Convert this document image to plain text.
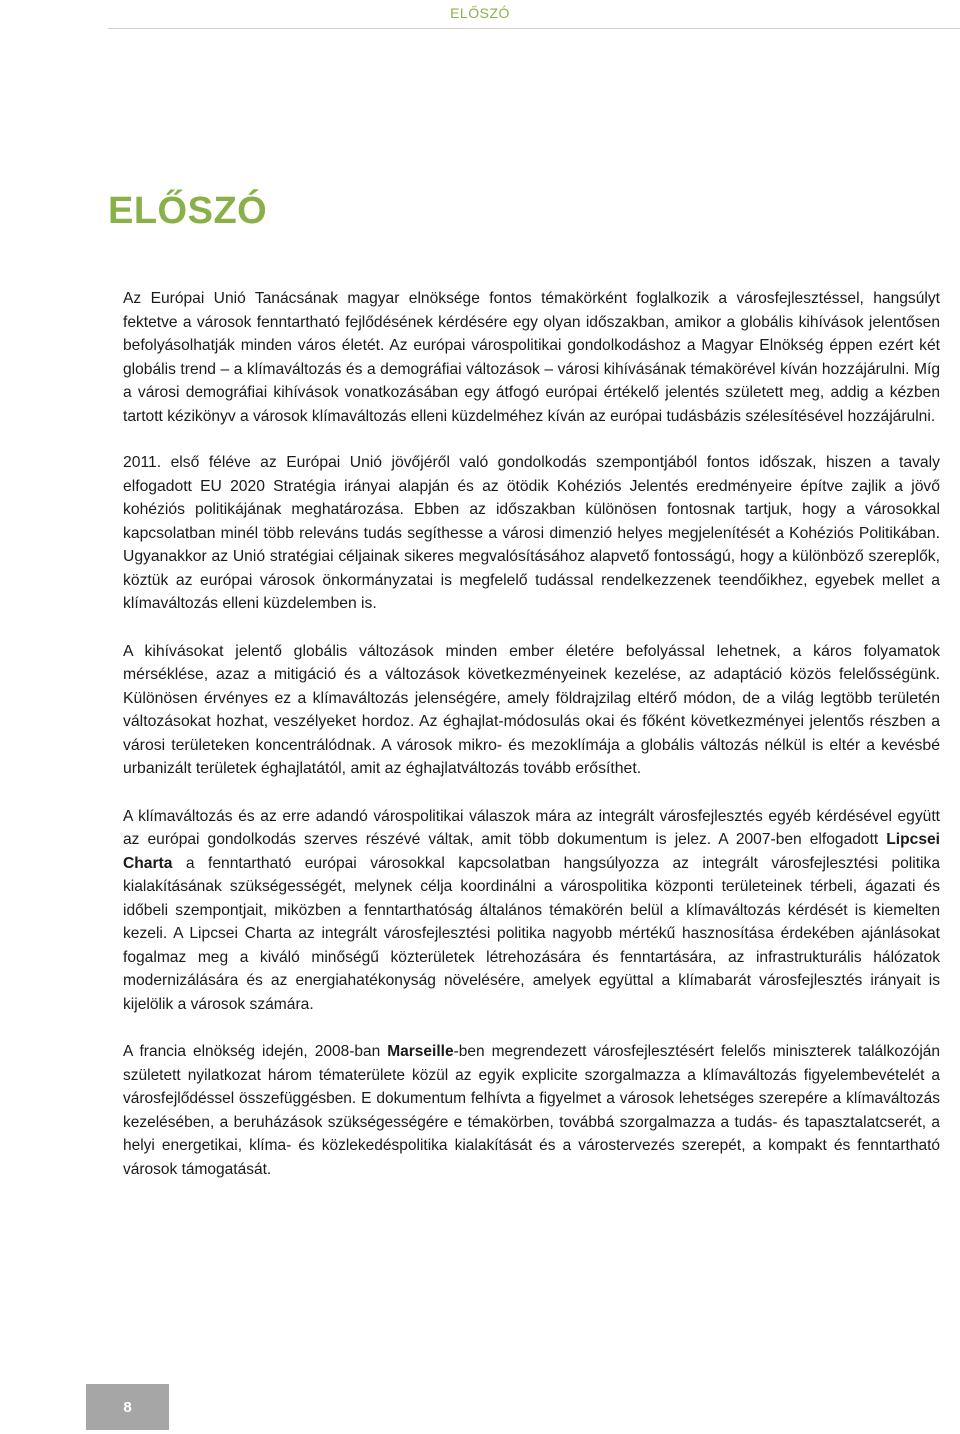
ELŐSZÓ
ELŐSZÓ

Az Európai Unió Tanácsának magyar elnöksége fontos témakörként foglalkozik a városfejlesztéssel, hangsúlyt fektetve a városok fenntartható fejlődésének kérdésére egy olyan időszakban, amikor a globális kihívások jelentősen befolyásolhatják minden város életét. Az európai várospolitikai gondolkodáshoz a Magyar Elnökség éppen ezért két globális trend – a klímaváltozás és a demográfiai változások – városi kihívásának témakörével kíván hozzájárulni. Míg a városi demográfiai kihívások vonatkozásában egy átfogó európai értékelő jelentés született meg, addig a kézben tartott kézikönyv a városok klímaváltozás elleni küzdelméhez kíván az európai tudásbázis szélesítésével hozzájárulni.

2011. első féléve az Európai Unió jövőjéről való gondolkodás szempontjából fontos időszak, hiszen a tavaly elfogadott EU 2020 Stratégia irányai alapján és az ötödik Kohéziós Jelentés eredményeire építve zajlik a jövő kohéziós politikájának meghatározása. Ebben az időszakban különösen fontosnak tartjuk, hogy a városokkal kapcsolatban minél több releváns tudás segíthesse a városi dimenzió helyes megjelenítését a Kohéziós Politikában. Ugyanakkor az Unió stratégiai céljainak sikeres megvalósításához alapvető fontosságú, hogy a különböző szereplők, köztük az európai városok önkormányzatai is megfelelő tudással rendelkezzenek teendőikhez, egyebek mellet a klímaváltozás elleni küzdelemben is.

A kihívásokat jelentő globális változások minden ember életére befolyással lehetnek, a káros folyamatok mérséklése, azaz a mitigáció és a változások következményeinek kezelése, az adaptáció közös felelősségünk. Különösen érvényes ez a klímaváltozás jelenségére, amely földrajzilag eltérő módon, de a világ legtöbb területén változásokat hozhat, veszélyeket hordoz. Az éghajlat-módosulás okai és főként következményei jelentős részben a városi területeken koncentrálódnak. A városok mikro- és mezoklímája a globális változás nélkül is eltér a kevésbé urbanizált területek éghajlatától, amit az éghajlatváltozás tovább erősíthet.

A klímaváltozás és az erre adandó várospolitikai válaszok mára az integrált városfejlesztés egyéb kérdésével együtt az európai gondolkodás szerves részévé váltak, amit több dokumentum is jelez. A 2007-ben elfogadott Lipcsei Charta a fenntartható európai városokkal kapcsolatban hangsúlyozza az integrált városfejlesztési politika kialakításának szükségességét, melynek célja koordinálni a várospolitika központi területeinek térbeli, ágazati és időbeli szempontjait, miközben a fenntarthatóság általános témakörén belül a klímaváltozás kérdését is kiemelten kezeli. A Lipcsei Charta az integrált városfejlesztési politika nagyobb mértékű hasznosítása érdekében ajánlásokat fogalmaz meg a kiváló minőségű közterületek létrehozására és fenntartására, az infrastrukturális hálózatok modernizálására és az energiahatékonyság növelésére, amelyek együttal a klímabarát városfejlesztés irányait is kijelölik a városok számára.

A francia elnökség idején, 2008-ban Marseille-ben megrendezett városfejlesztésért felelős miniszterek találkozóján született nyilatkozat három tématerülete közül az egyik explicite szorgalmazza a klímaváltozás figyelembevételét a városfejlődéssel összefüggésben. E dokumentum felhívta a figyelmet a városok lehetséges szerepére a klímaváltozás kezelésében, a beruházások szükségességére e témakörben, továbbá szorgalmazza a tudás- és tapasztalatcserét, a helyi energetikai, klíma- és közlekedéspolitika kialakítását és a várostervezés szerepét, a kompakt és fenntartható városok támogatását.

8
